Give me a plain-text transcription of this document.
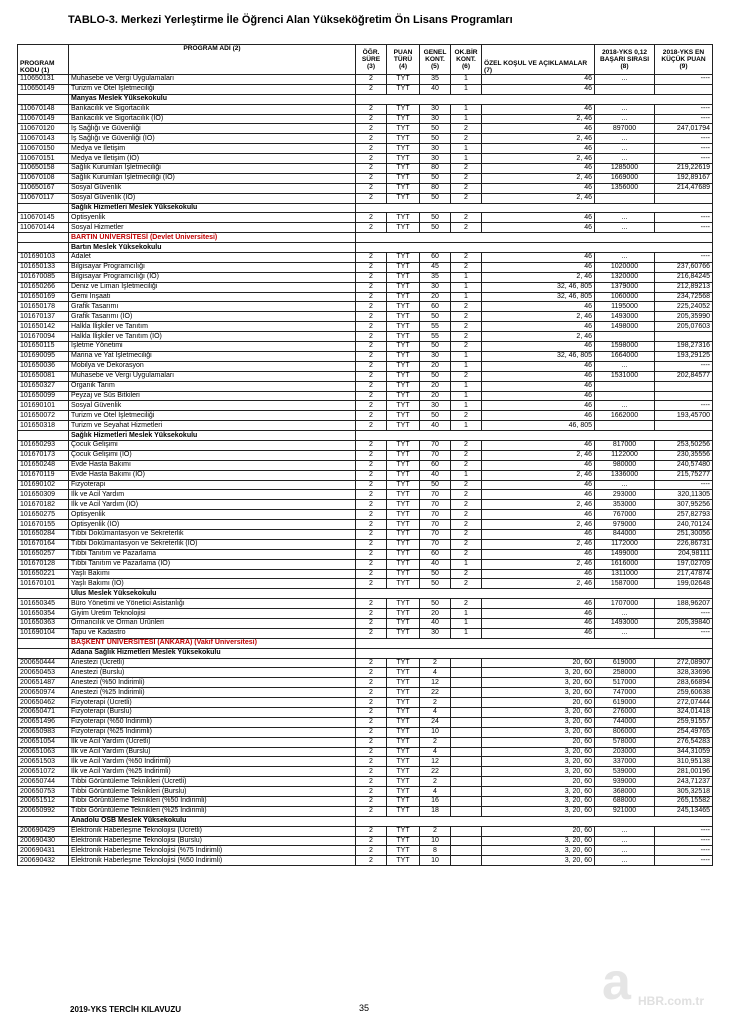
TABLO-3. Merkezi Yerleştirme İle Öğrenci Alan Yükseköğretim Ön Lisans Programları
PROGRAM KODU (1)	PROGRAM ADI (2)	ÖĞR. SÜRE (3)	PUAN TÜRÜ (4)	GENEL KONT. (5)	OK.BİR KONT. (6)	ÖZEL KOŞUL VE AÇIKLAMALAR (7)	2018-YKS 0,12 BAŞARI SIRASI (8)	2018-YKS EN KÜÇÜK PUAN (9)
110650131	Muhasebe ve Vergi Uygulamaları	2	TYT	35	1	46	...	----
110650149	Turizm ve Otel İşletmeciliği	2	TYT	40	1	46		
	Manyas Meslek Yüksekokulu							
110670148	Bankacılık ve Sigortacılık	2	TYT	30	1	46	...	----
110670149	Bankacılık ve Sigortacılık (İÖ)	2	TYT	30	1	2, 46	...	----
110670120	İş Sağlığı ve Güvenliği	2	TYT	50	2	46	897000	247,01794
110670143	İş Sağlığı ve Güvenliği (İÖ)	2	TYT	50	2	2, 46	...	----
110670150	Medya ve İletişim	2	TYT	30	1	46	...	----
110670151	Medya ve İletişim (İÖ)	2	TYT	30	1	2, 46	...	----
110650158	Sağlık Kurumları İşletmeciliği	2	TYT	80	2	46	1285000	219,22619
110670108	Sağlık Kurumları İşletmeciliği (İÖ)	2	TYT	50	2	2, 46	1669000	192,89167
110650167	Sosyal Güvenlik	2	TYT	80	2	46	1356000	214,47689
110670117	Sosyal Güvenlik (İÖ)	2	TYT	50	2	2, 46		
	Sağlık Hizmetleri Meslek Yüksekokulu							
110670145	Optisyenlik	2	TYT	50	2	46	...	----
110670144	Sosyal Hizmetler	2	TYT	50	2	46	...	----
	BARTIN ÜNİVERSİTESİ (Devlet Üniversitesi)							
	Bartın Meslek Yüksekokulu							
101690103	Adalet	2	TYT	60	2	46	...	----
101650133	Bilgisayar Programcılığı	2	TYT	45	2	46	1020000	237,60766
101670085	Bilgisayar Programcılığı (İÖ)	2	TYT	35	1	2, 46	1320000	216,84245
101650266	Deniz ve Liman İşletmeciliği	2	TYT	30	1	32, 46, 805	1379000	212,89213
101650169	Gemi İnşaatı	2	TYT	20	1	32, 46, 805	1060000	234,72568
101650178	Grafik Tasarımı	2	TYT	60	2	46	1195000	225,24052
101670137	Grafik Tasarımı (İÖ)	2	TYT	50	2	2, 46	1493000	205,35990
101650142	Halkla İlişkiler ve Tanıtım	2	TYT	55	2	46	1498000	205,07603
101670094	Halkla İlişkiler ve Tanıtım (İÖ)	2	TYT	55	2	2, 46		
101650115	İşletme Yönetimi	2	TYT	50	2	46	1598000	198,27316
101690095	Marina ve Yat İşletmeciliği	2	TYT	30	1	32, 46, 805	1664000	193,29125
101650036	Mobilya ve Dekorasyon	2	TYT	20	1	46	...	----
101650081	Muhasebe ve Vergi Uygulamaları	2	TYT	50	2	46	1531000	202,84577
101650327	Organik Tarım	2	TYT	20	1	46		
101650099	Peyzaj ve Süs Bitkileri	2	TYT	20	1	46		
101690101	Sosyal Güvenlik	2	TYT	30	1	46	...	----
101650072	Turizm ve Otel İşletmeciliği	2	TYT	50	2	46	1662000	193,45700
101650318	Turizm ve Seyahat Hizmetleri	2	TYT	40	1	46, 805		
	Sağlık Hizmetleri Meslek Yüksekokulu							
101650293	Çocuk Gelişimi	2	TYT	70	2	46	817000	253,50256
101670173	Çocuk Gelişimi (İÖ)	2	TYT	70	2	2, 46	1122000	230,35556
101650248	Evde Hasta Bakımı	2	TYT	60	2	46	980000	240,57480
101670119	Evde Hasta Bakımı (İÖ)	2	TYT	40	1	2, 46	1336000	215,75277
101690102	Fizyoterapi	2	TYT	50	2	46	...	----
101650309	İlk ve Acil Yardım	2	TYT	70	2	46	293000	320,11305
101670182	İlk ve Acil Yardım (İÖ)	2	TYT	70	2	2, 46	353000	307,95256
101650275	Optisyenlik	2	TYT	70	2	46	767000	257,82793
101670155	Optisyenlik (İÖ)	2	TYT	70	2	2, 46	979000	240,70124
101650284	Tıbbi Dokümantasyon ve Sekreterlik	2	TYT	70	2	46	844000	251,30056
101670164	Tıbbi Dokümantasyon ve Sekreterlik (İÖ)	2	TYT	70	2	2, 46	1172000	226,86731
101650257	Tıbbi Tanıtım ve Pazarlama	2	TYT	60	2	46	1499000	204,98111
101670128	Tıbbi Tanıtım ve Pazarlama (İÖ)	2	TYT	40	1	2, 46	1616000	197,02709
101650221	Yaşlı Bakımı	2	TYT	50	2	46	1311000	217,47874
101670101	Yaşlı Bakımı (İÖ)	2	TYT	50	2	2, 46	1587000	199,02648
	Ulus Meslek Yüksekokulu							
101650345	Büro Yönetimi ve Yönetici Asistanlığı	2	TYT	50	2	46	1707000	188,96207
101650354	Giyim Üretim Teknolojisi	2	TYT	20	1	46	...	----
101650363	Ormancılık ve Orman Ürünleri	2	TYT	40	1	46	1493000	205,39840
101690104	Tapu ve Kadastro	2	TYT	30	1	46	...	----
	BAŞKENT ÜNİVERSİTESİ (ANKARA) (Vakıf Üniversitesi)							
	Adana Sağlık Hizmetleri Meslek Yüksekokulu							
200650444	Anestezi (Ücretli)	2	TYT	2		20, 60	619000	272,08907
200650453	Anestezi (Burslu)	2	TYT	4		3, 20, 60	258000	328,33696
200651487	Anestezi (%50 İndirimli)	2	TYT	12		3, 20, 60	517000	283,66894
200650974	Anestezi (%25 İndirimli)	2	TYT	22		3, 20, 60	747000	259,60638
200650462	Fizyoterapi (Ücretli)	2	TYT	2		20, 60	619000	272,07444
200650471	Fizyoterapi (Burslu)	2	TYT	4		3, 20, 60	276000	324,01418
200651496	Fizyoterapi (%50 İndirimli)	2	TYT	24		3, 20, 60	744000	259,91557
200650983	Fizyoterapi (%25 İndirimli)	2	TYT	10		3, 20, 60	806000	254,49765
200651054	İlk ve Acil Yardım (Ücretli)	2	TYT	2		20, 60	578000	276,54283
200651063	İlk ve Acil Yardım (Burslu)	2	TYT	4		3, 20, 60	203000	344,31059
200651503	İlk ve Acil Yardım (%50 İndirimli)	2	TYT	12		3, 20, 60	337000	310,95138
200651072	İlk ve Acil Yardım (%25 İndirimli)	2	TYT	22		3, 20, 60	539000	281,00196
200650744	Tıbbi Görüntüleme Teknikleri (Ücretli)	2	TYT	2		20, 60	939000	243,71237
200650753	Tıbbi Görüntüleme Teknikleri (Burslu)	2	TYT	4		3, 20, 60	368000	305,32518
200651512	Tıbbi Görüntüleme Teknikleri (%50 İndirimli)	2	TYT	16		3, 20, 60	688000	265,15582
200650992	Tıbbi Görüntüleme Teknikleri (%25 İndirimli)	2	TYT	18		3, 20, 60	921000	245,13465
	Anadolu OSB Meslek Yüksekokulu							
200690429	Elektronik Haberleşme Teknolojisi (Ücretli)	2	TYT	2		20, 60	...	----
200690430	Elektronik Haberleşme Teknolojisi (Burslu)	2	TYT	10		3, 20, 60	...	----
200690431	Elektronik Haberleşme Teknolojisi (%75 İndirimli)	2	TYT	8		3, 20, 60	...	----
200690432	Elektronik Haberleşme Teknolojisi (%50 İndirimli)	2	TYT	10		3, 20, 60	...	----
2019-YKS TERCİH KILAVUZU	35	a HBR.com.tr
